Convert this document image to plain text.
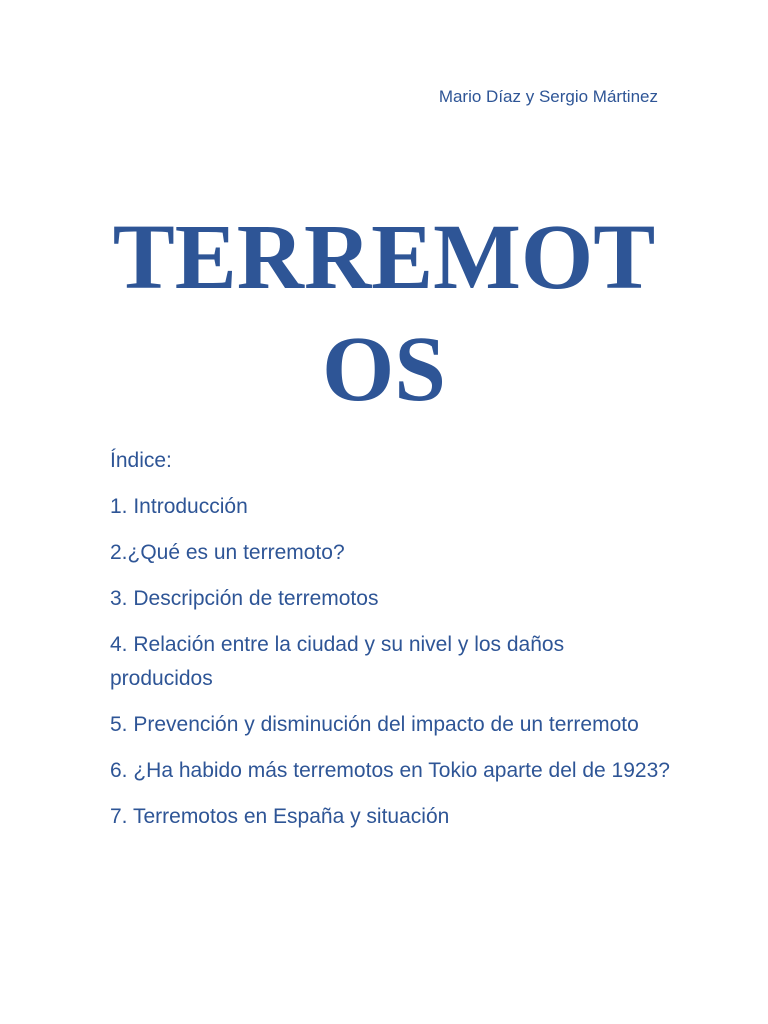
Mario Díaz y Sergio Mártinez
TERREMOT
OS
Índice:
1. Introducción
2.¿Qué es un terremoto?
3. Descripción de terremotos
4. Relación entre la ciudad y su nivel y los daños producidos
5. Prevención y disminución del impacto de un terremoto
6. ¿Ha habido más terremotos en Tokio aparte del de 1923?
7. Terremotos en España y situación
